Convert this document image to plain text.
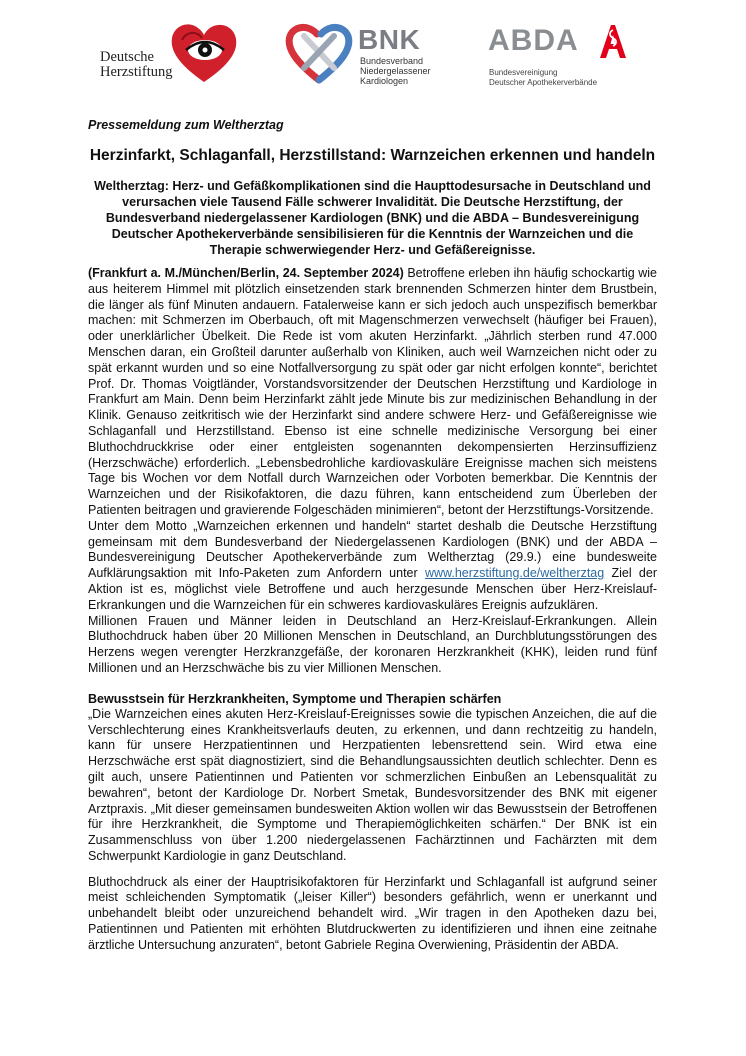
Deutsche
Herzstiftung
BNK
Bundesverband
Niedergelassener
Kardiologen
ABDA
Bundesvereinigung
Deutscher Apothekerverbände
Pressemeldung zum Weltherztag
Herzinfarkt, Schlaganfall, Herzstillstand: Warnzeichen erkennen und handeln
Weltherztag: Herz- und Gefäßkomplikationen sind die Haupttodesursache in Deutschland und verursachen viele Tausend Fälle schwerer Invalidität. Die Deutsche Herzstiftung, der Bundesverband niedergelassener Kardiologen (BNK) und die ABDA – Bundesvereinigung Deutscher Apothekerverbände sensibilisieren für die Kenntnis der Warnzeichen und die Therapie schwerwiegender Herz- und Gefäßereignisse.

(Frankfurt a. M./München/Berlin, 24. September 2024) Betroffene erleben ihn häufig schockartig wie aus heiterem Himmel mit plötzlich einsetzenden stark brennenden Schmerzen hinter dem Brustbein, die länger als fünf Minuten andauern. Fatalerweise kann er sich jedoch auch unspezifisch bemerkbar machen: mit Schmerzen im Oberbauch, oft mit Magenschmerzen verwechselt (häufiger bei Frauen), oder unerklärlicher Übelkeit. Die Rede ist vom akuten Herzinfarkt. „Jährlich sterben rund 47.000 Menschen daran, ein Großteil darunter außerhalb von Kliniken, auch weil Warnzeichen nicht oder zu spät erkannt wurden und so eine Notfallversorgung zu spät oder gar nicht erfolgen konnte“, berichtet Prof. Dr. Thomas Voigtländer, Vorstandsvorsitzender der Deutschen Herzstiftung und Kardiologe in Frankfurt am Main. Denn beim Herzinfarkt zählt jede Minute bis zur medizinischen Behandlung in der Klinik. Genauso zeitkritisch wie der Herzinfarkt sind andere schwere Herz- und Gefäßereignisse wie Schlaganfall und Herzstillstand. Ebenso ist eine schnelle medizinische Versorgung bei einer Bluthochdruckkrise oder einer entgleisten sogenannten dekompensierten Herzinsuffizienz (Herzschwäche) erforderlich. „Lebensbedrohliche kardiovaskuläre Ereignisse machen sich meistens Tage bis Wochen vor dem Notfall durch Warnzeichen oder Vorboten bemerkbar. Die Kenntnis der Warnzeichen und der Risikofaktoren, die dazu führen, kann entscheidend zum Überleben der Patienten beitragen und gravierende Folgeschäden minimieren“, betont der Herzstiftungs-Vorsitzende.

Unter dem Motto „Warnzeichen erkennen und handeln“ startet deshalb die Deutsche Herzstiftung gemeinsam mit dem Bundesverband der Niedergelassenen Kardiologen (BNK) und der ABDA – Bundesvereinigung Deutscher Apothekerverbände zum Weltherztag (29.9.) eine bundesweite Aufklärungsaktion mit Info-Paketen zum Anfordern unter www.herzstiftung.de/weltherztag Ziel der Aktion ist es, möglichst viele Betroffene und auch herzgesunde Menschen über Herz-Kreislauf-Erkrankungen und die Warnzeichen für ein schweres kardiovaskuläres Ereignis aufzuklären.

Millionen Frauen und Männer leiden in Deutschland an Herz-Kreislauf-Erkrankungen. Allein Bluthochdruck haben über 20 Millionen Menschen in Deutschland, an Durchblutungsstörungen des Herzens wegen verengter Herzkranzgefäße, der koronaren Herzkrankheit (KHK), leiden rund fünf Millionen und an Herzschwäche bis zu vier Millionen Menschen.

Bewusstsein für Herzkrankheiten, Symptome und Therapien schärfen

„Die Warnzeichen eines akuten Herz-Kreislauf-Ereignisses sowie die typischen Anzeichen, die auf die Verschlechterung eines Krankheitsverlaufs deuten, zu erkennen, und dann rechtzeitig zu handeln, kann für unsere Herzpatientinnen und Herzpatienten lebensrettend sein. Wird etwa eine Herzschwäche erst spät diagnostiziert, sind die Behandlungsaussichten deutlich schlechter. Denn es gilt auch, unsere Patientinnen und Patienten vor schmerzlichen Einbußen an Lebensqualität zu bewahren“, betont der Kardiologe Dr. Norbert Smetak, Bundesvorsitzender des BNK mit eigener Arztpraxis. „Mit dieser gemeinsamen bundesweiten Aktion wollen wir das Bewusstsein der Betroffenen für ihre Herzkrankheit, die Symptome und Therapiemöglichkeiten schärfen.“ Der BNK ist ein Zusammenschluss von über 1.200 niedergelassenen Fachärztinnen und Fachärzten mit dem Schwerpunkt Kardiologie in ganz Deutschland.

Bluthochdruck als einer der Hauptrisikofaktoren für Herzinfarkt und Schlaganfall ist aufgrund seiner meist schleichenden Symptomatik („leiser Killer“) besonders gefährlich, wenn er unerkannt und unbehandelt bleibt oder unzureichend behandelt wird. „Wir tragen in den Apotheken dazu bei, Patientinnen und Patienten mit erhöhten Blutdruckwerten zu identifizieren und ihnen eine zeitnahe ärztliche Untersuchung anzuraten“, betont Gabriele Regina Overwiening, Präsidentin der ABDA.
